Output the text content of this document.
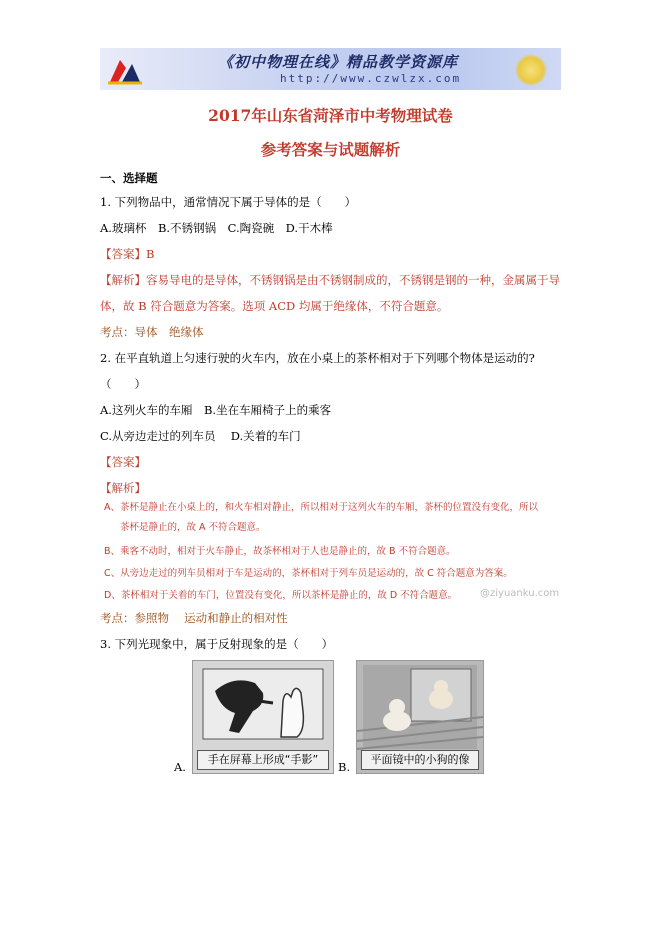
《初中物理在线》精品教学资源库
http://www.czwlzx.com
2017年山东省菏泽市中考物理试卷
参考答案与试题解析
一、选择题
1. 下列物品中，通常情况下属于导体的是（　　）
A.玻璃杯　B.不锈钢锅　C.陶瓷碗　D.干木棒
【答案】B
【解析】容易导电的是导体，不锈钢锅是由不锈钢制成的，不锈钢是钢的一种，金属属于导
体，故 B 符合题意为答案。选项 ACD 均属于绝缘体，不符合题意。
考点：导体　绝缘体
2. 在平直轨道上匀速行驶的火车内，放在小桌上的茶杯相对于下列哪个物体是运动的?
（　　）
A.这列火车的车厢　B.坐在车厢椅子上的乘客
C.从旁边走过的列车员　 D.关着的车门
【答案】
【解析】
A、茶杯是静止在小桌上的，和火车相对静止，所以相对于这列火车的车厢，茶杯的位置没有变化，所以
茶杯是静止的，故 A 不符合题意。
B、乘客不动时，相对于火车静止，故茶杯相对于人也是静止的，故 B 不符合题意。
C、从旁边走过的列车员相对于车是运动的，茶杯相对于列车员是运动的，故 C 符合题意为答案。
D、茶杯相对于关着的车门，位置没有变化，所以茶杯是静止的，故 D 不符合题意。 @ziyuanku.com
考点：参照物　 运动和静止的相对性
3. 下列光现象中，属于反射现象的是（　　）
A.
手在屏幕上形成“手影”
B.
平面镜中的小狗的像
